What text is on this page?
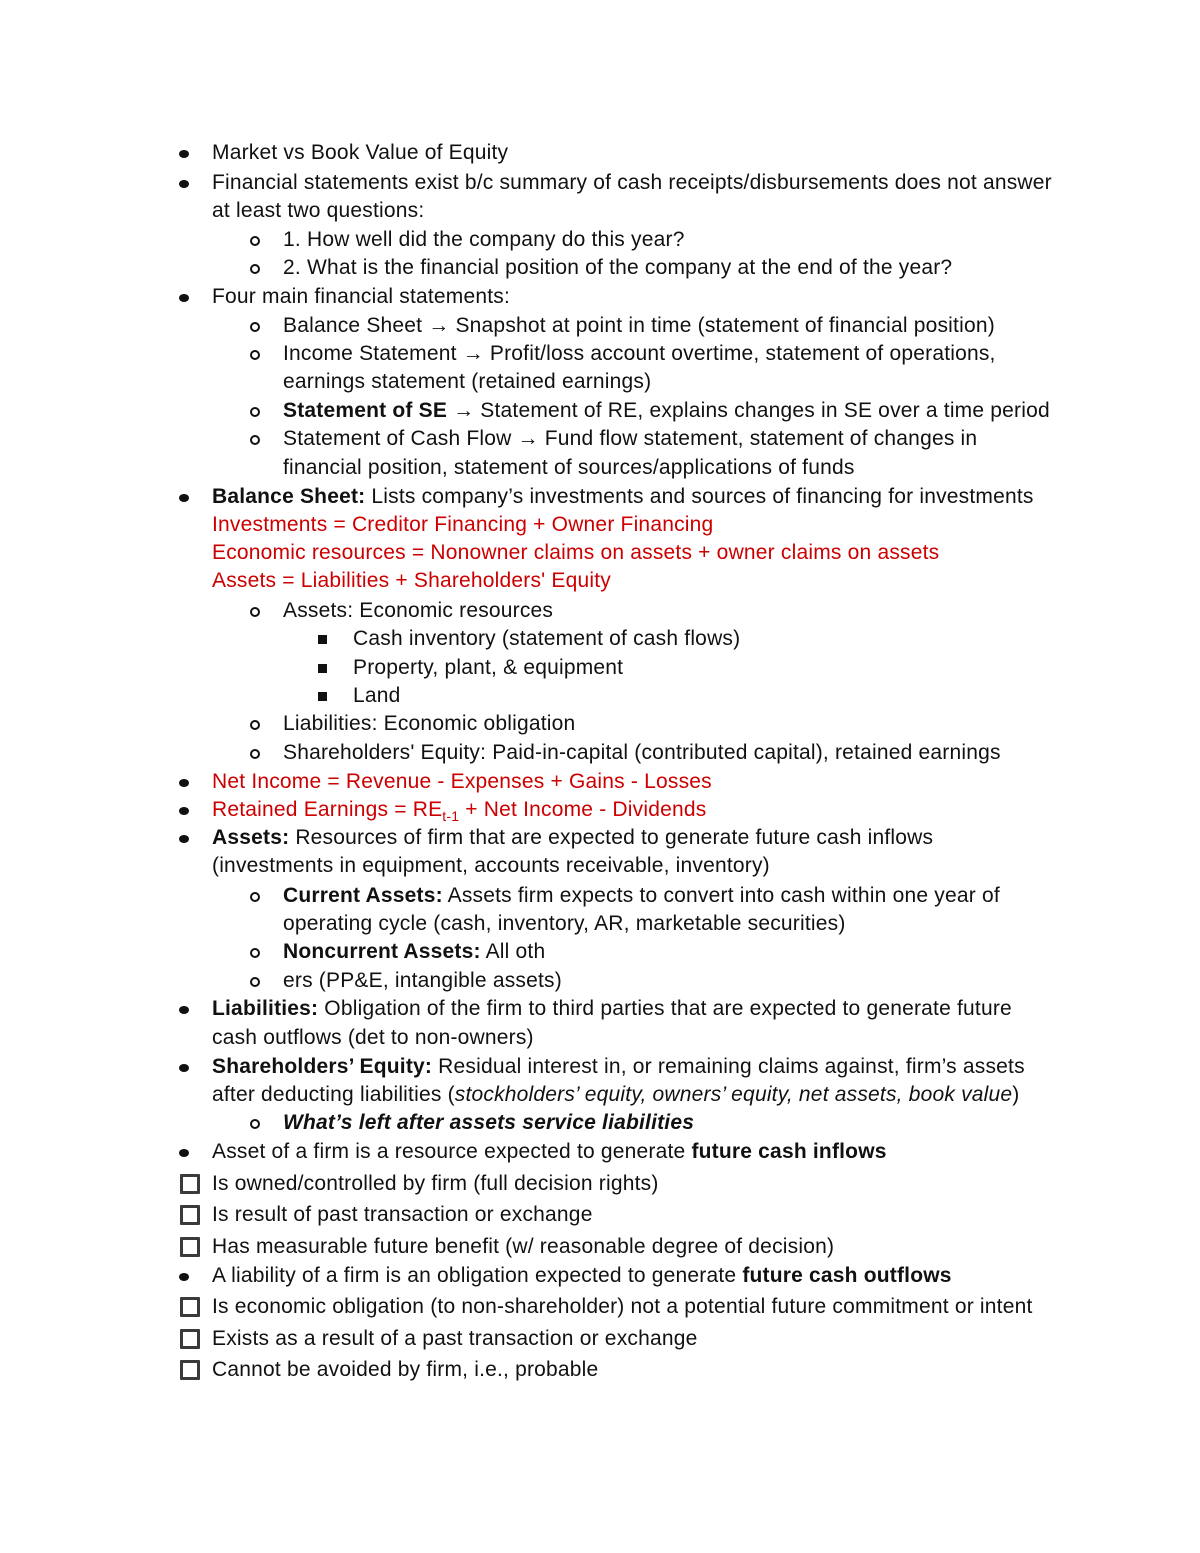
Market vs Book Value of Equity
Financial statements exist b/c summary of cash receipts/disbursements does not answer
at least two questions:
1. How well did the company do this year?
2. What is the financial position of the company at the end of the year?
Four main financial statements:
Balance Sheet → Snapshot at point in time (statement of financial position)
Income Statement → Profit/loss account overtime, statement of operations,
earnings statement (retained earnings)
Statement of SE → Statement of RE, explains changes in SE over a time period
Statement of Cash Flow → Fund flow statement, statement of changes in
financial position, statement of sources/applications of funds
Balance Sheet: Lists company’s investments and sources of financing for investments
Investments = Creditor Financing + Owner Financing
Economic resources = Nonowner claims on assets + owner claims on assets
Assets = Liabilities + Shareholders' Equity
Assets: Economic resources
Cash inventory (statement of cash flows)
Property, plant, & equipment
Land
Liabilities: Economic obligation
Shareholders' Equity: Paid-in-capital (contributed capital), retained earnings
Net Income = Revenue - Expenses + Gains - Losses
Retained Earnings = $RE_{t-1}$ + Net Income - Dividends
Assets: Resources of firm that are expected to generate future cash inflows
(investments in equipment, accounts receivable, inventory)
Current Assets: Assets firm expects to convert into cash within one year of
operating cycle (cash, inventory, AR, marketable securities)
Noncurrent Assets: All oth
ers (PP&E, intangible assets)
Liabilities: Obligation of the firm to third parties that are expected to generate future
cash outflows (det to non-owners)
Shareholders’ Equity: Residual interest in, or remaining claims against, firm’s assets
after deducting liabilities (stockholders’ equity, owners’ equity, net assets, book value)
What’s left after assets service liabilities
Asset of a firm is a resource expected to generate future cash inflows
Is owned/controlled by firm (full decision rights)
Is result of past transaction or exchange
Has measurable future benefit (w/ reasonable degree of decision)
A liability of a firm is an obligation expected to generate future cash outflows
Is economic obligation (to non-shareholder) not a potential future commitment or intent
Exists as a result of a past transaction or exchange
Cannot be avoided by firm, i.e., probable
